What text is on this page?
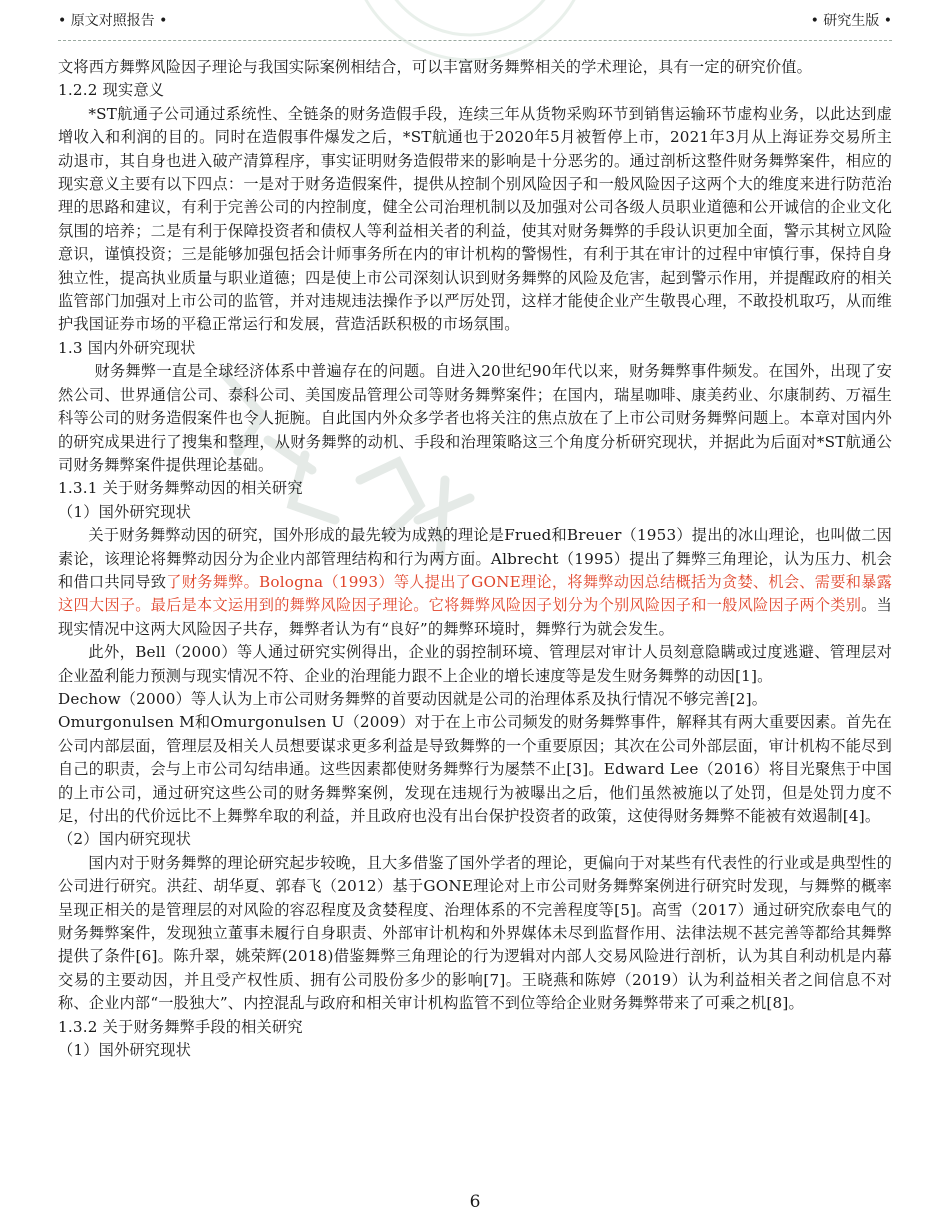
• 原文对照报告 •	• 研究生版 •

文将西方舞弊风险因子理论与我国实际案例相结合，可以丰富财务舞弊相关的学术理论，具有一定的研究价值。

1.2.2 现实意义

*ST航通子公司通过系统性、全链条的财务造假手段，连续三年从货物采购环节到销售运输环节虚构业务，以此达到虚增收入和利润的目的。同时在造假事件爆发之后，*ST航通也于2020年5月被暂停上市，2021年3月从上海证券交易所主动退市，其自身也进入破产清算程序，事实证明财务造假带来的影响是十分恶劣的。通过剖析这整件财务舞弊案件，相应的现实意义主要有以下四点：一是对于财务造假案件，提供从控制个别风险因子和一般风险因子这两个大的维度来进行防范治理的思路和建议，有利于完善公司的内控制度，健全公司治理机制以及加强对公司各级人员职业道德和公开诚信的企业文化氛围的培养；二是有利于保障投资者和债权人等利益相关者的利益，使其对财务舞弊的手段认识更加全面，警示其树立风险意识，谨慎投资；三是能够加强包括会计师事务所在内的审计机构的警惕性，有利于其在审计的过程中审慎行事，保持自身独立性，提高执业质量与职业道德；四是使上市公司深刻认识到财务舞弊的风险及危害，起到警示作用，并提醒政府的相关监管部门加强对上市公司的监管，并对违规违法操作予以严厉处罚，这样才能使企业产生敬畏心理，不敢投机取巧，从而维护我国证券市场的平稳正常运行和发展，营造活跃积极的市场氛围。

1.3 国内外研究现状

财务舞弊一直是全球经济体系中普遍存在的问题。自进入20世纪90年代以来，财务舞弊事件频发。在国外，出现了安然公司、世界通信公司、泰科公司、美国废品管理公司等财务舞弊案件；在国内，瑞星咖啡、康美药业、尔康制药、万福生科等公司的财务造假案件也令人扼腕。自此国内外众多学者也将关注的焦点放在了上市公司财务舞弊问题上。本章对国内外的研究成果进行了搜集和整理，从财务舞弊的动机、手段和治理策略这三个角度分析研究现状，并据此为后面对*ST航通公司财务舞弊案件提供理论基础。

1.3.1 关于财务舞弊动因的相关研究

（1）国外研究现状

关于财务舞弊动因的研究，国外形成的最先较为成熟的理论是Frued和Breuer（1953）提出的冰山理论，也叫做二因素论，该理论将舞弊动因分为企业内部管理结构和行为两方面。Albrecht（1995）提出了舞弊三角理论，认为压力、机会和借口共同导致了财务舞弊。Bologna（1993）等人提出了GONE理论，将舞弊动因总结概括为贪婪、机会、需要和暴露这四大因子。最后是本文运用到的舞弊风险因子理论。它将舞弊风险因子划分为个别风险因子和一般风险因子两个类别。当现实情况中这两大风险因子共存，舞弊者认为有“良好”的舞弊环境时，舞弊行为就会发生。

此外，Bell（2000）等人通过研究实例得出，企业的弱控制环境、管理层对审计人员刻意隐瞒或过度逃避、管理层对企业盈利能力预测与现实情况不符、企业的治理能力跟不上企业的增长速度等是发生财务舞弊的动因[1]。

Dechow（2000）等人认为上市公司财务舞弊的首要动因就是公司的治理体系及执行情况不够完善[2]。

Omurgonulsen M和Omurgonulsen U（2009）对于在上市公司频发的财务舞弊事件，解释其有两大重要因素。首先在公司内部层面，管理层及相关人员想要谋求更多利益是导致舞弊的一个重要原因；其次在公司外部层面，审计机构不能尽到自己的职责，会与上市公司勾结串通。这些因素都使财务舞弊行为屡禁不止[3]。Edward Lee（2016）将目光聚焦于中国的上市公司，通过研究这些公司的财务舞弊案例，发现在违规行为被曝出之后，他们虽然被施以了处罚，但是处罚力度不足，付出的代价远比不上舞弊牟取的利益，并且政府也没有出台保护投资者的政策，这使得财务舞弊不能被有效遏制[4]。

（2）国内研究现状

国内对于财务舞弊的理论研究起步较晚，且大多借鉴了国外学者的理论，更偏向于对某些有代表性的行业或是典型性的公司进行研究。洪荭、胡华夏、郭春飞（2012）基于GONE理论对上市公司财务舞弊案例进行研究时发现，与舞弊的概率呈现正相关的是管理层的对风险的容忍程度及贪婪程度、治理体系的不完善程度等[5]。高雪（2017）通过研究欣泰电气的财务舞弊案件，发现独立董事未履行自身职责、外部审计机构和外界媒体未尽到监督作用、法律法规不甚完善等都给其舞弊提供了条件[6]。陈升翠，姚荣辉(2018)借鉴舞弊三角理论的行为逻辑对内部人交易风险进行剖析，认为其自利动机是内幕交易的主要动因，并且受产权性质、拥有公司股份多少的影响[7]。王晓燕和陈婷（2019）认为利益相关者之间信息不对称、企业内部“一股独大”、内控混乱与政府和相关审计机构监管不到位等给企业财务舞弊带来了可乘之机[8]。

1.3.2 关于财务舞弊手段的相关研究

（1）国外研究现状

6
